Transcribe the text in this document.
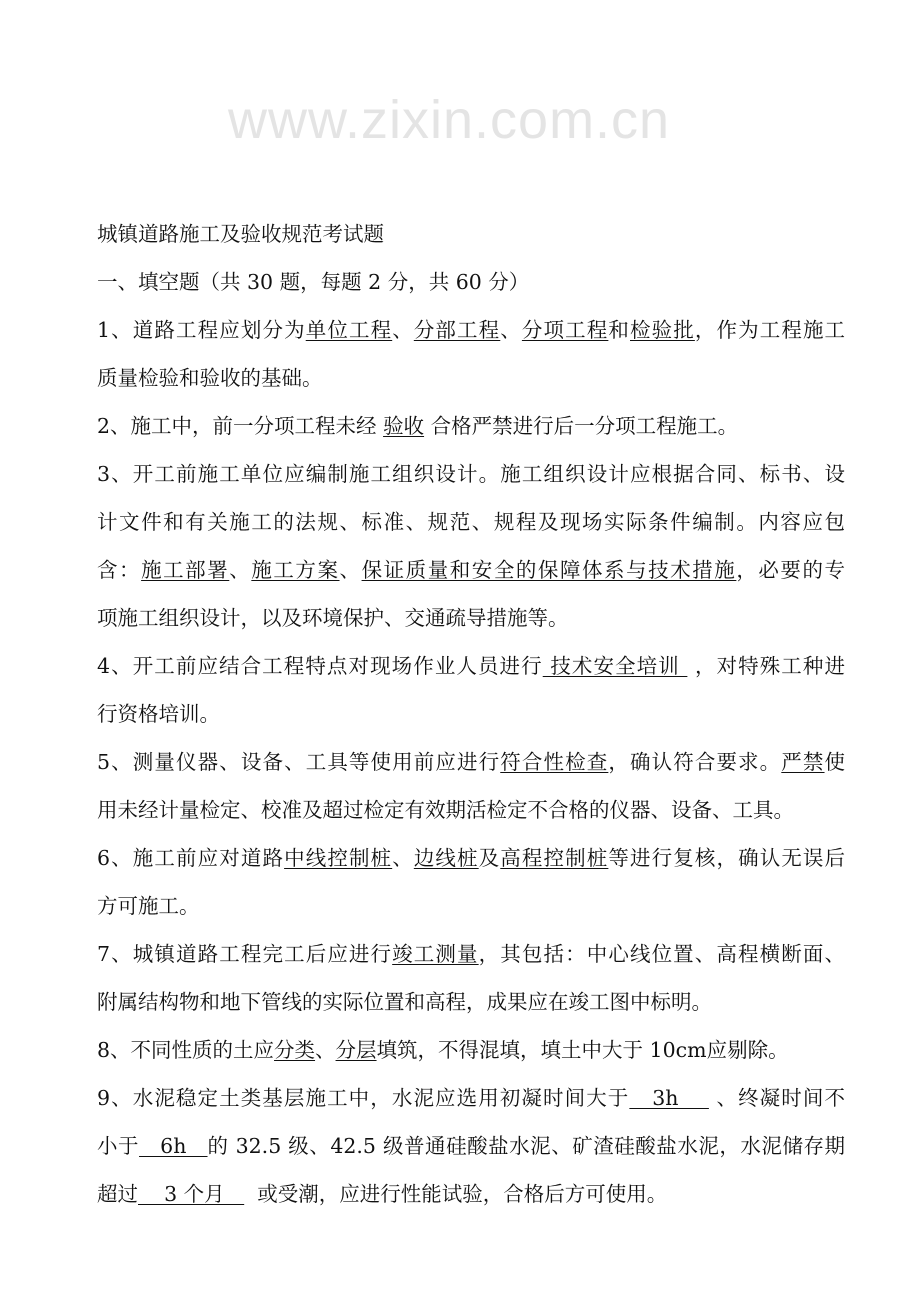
www.zixin.com.cn
城镇道路施工及验收规范考试题
一、填空题（共 30 题，每题 2 分，共 60 分）
1、道路工程应划分为单位工程、分部工程、分项工程和检验批，作为工程施工
质量检验和验收的基础。
2、施工中，前一分项工程未经 验收 合格严禁进行后一分项工程施工。
3、开工前施工单位应编制施工组织设计。施工组织设计应根据合同、标书、设
计文件和有关施工的法规、标准、规范、规程及现场实际条件编制。内容应包
含：施工部署、施工方案、保证质量和安全的保障体系与技术措施，必要的专
项施工组织设计，以及环境保护、交通疏导措施等。
4、开工前应结合工程特点对现场作业人员进行 技术安全培训  ，对特殊工种进
行资格培训。
5、测量仪器、设备、工具等使用前应进行符合性检查，确认符合要求。严禁使
用未经计量检定、校准及超过检定有效期活检定不合格的仪器、设备、工具。
6、施工前应对道路中线控制桩、边线桩及高程控制桩等进行复核，确认无误后
方可施工。
7、城镇道路工程完工后应进行竣工测量，其包括：中心线位置、高程横断面、
附属结构物和地下管线的实际位置和高程，成果应在竣工图中标明。
8、不同性质的土应分类、分层填筑，不得混填，填土中大于 10cm应剔除。
9、水泥稳定土类基层施工中，水泥应选用初凝时间大于   3h     、终凝时间不
小于   6h   的 32.5 级、42.5 级普通硅酸盐水泥、矿渣硅酸盐水泥，水泥储存期
超过    3 个月     或受潮，应进行性能试验，合格后方可使用。
